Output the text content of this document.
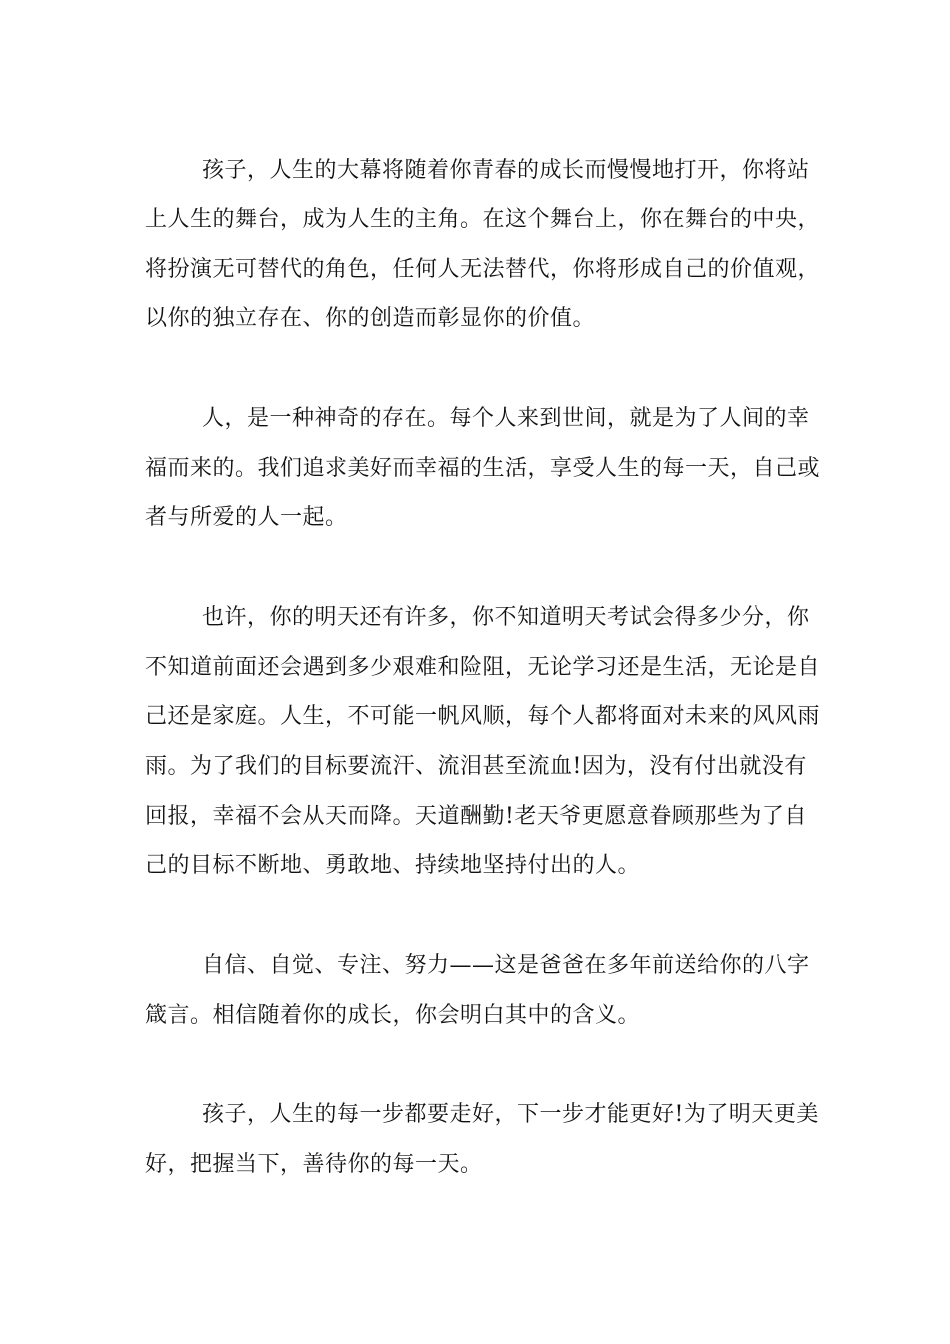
孩子，人生的大幕将随着你青春的成长而慢慢地打开，你将站
上人生的舞台，成为人生的主角。在这个舞台上，你在舞台的中央，
将扮演无可替代的角色，任何人无法替代，你将形成自己的价值观，
以你的独立存在、你的创造而彰显你的价值。
人，是一种神奇的存在。每个人来到世间，就是为了人间的幸
福而来的。我们追求美好而幸福的生活，享受人生的每一天，自己或
者与所爱的人一起。
也许，你的明天还有许多，你不知道明天考试会得多少分，你
不知道前面还会遇到多少艰难和险阻，无论学习还是生活，无论是自
己还是家庭。人生，不可能一帆风顺，每个人都将面对未来的风风雨
雨。为了我们的目标要流汗、流泪甚至流血!因为，没有付出就没有
回报，幸福不会从天而降。天道酬勤!老天爷更愿意眷顾那些为了自
己的目标不断地、勇敢地、持续地坚持付出的人。
自信、自觉、专注、努力——这是爸爸在多年前送给你的八字
箴言。相信随着你的成长，你会明白其中的含义。
孩子，人生的每一步都要走好，下一步才能更好!为了明天更美
好，把握当下，善待你的每一天。
